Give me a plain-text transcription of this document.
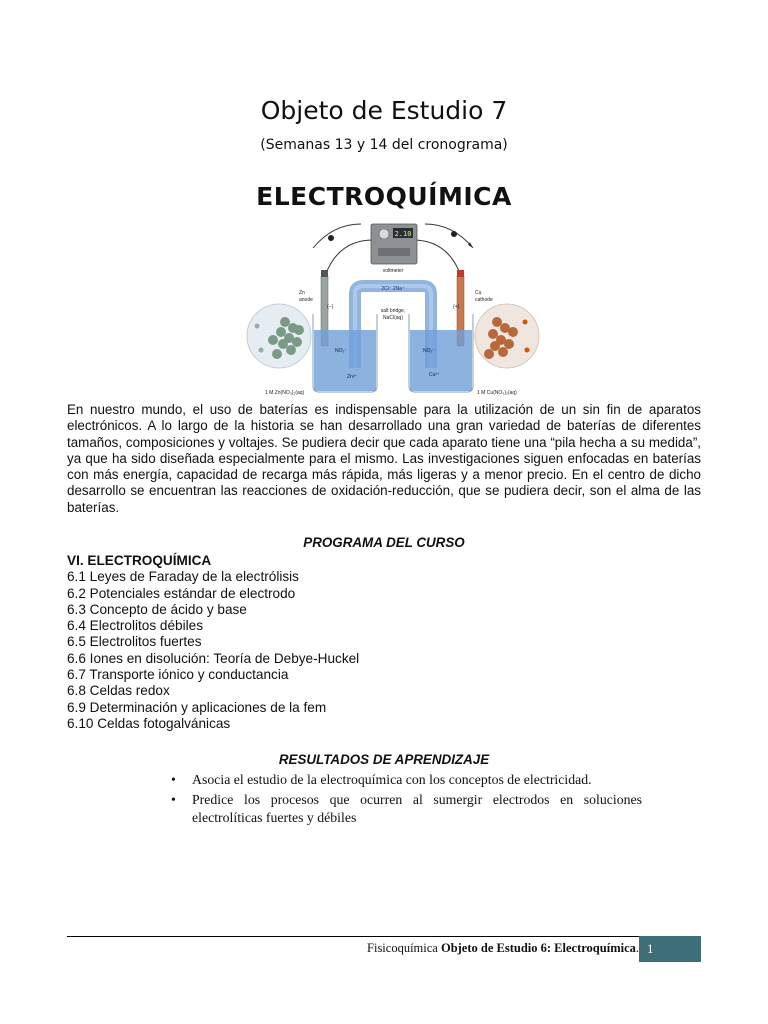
Objeto de Estudio 7
(Semanas 13 y 14 del cronograma)
ELECTROQUÍMICA
2.10
voltmeter
Zn
anode
(−)
Cu
cathode
(+)
2Cl⁻ 2Na⁺
salt bridge,
NaCl(aq)
NO₃⁻
Zn²⁺
NO₃⁻
Cu²⁺
1 M Zn(NO₃)₂(aq)	1 M Cu(NO₃)₂(aq)
En nuestro mundo, el uso de baterías es indispensable para la utilización de un sin fin de aparatos electrónicos. A lo largo de la historia se han desarrollado una gran variedad de baterías de diferentes tamaños, composiciones y voltajes. Se pudiera decir que cada aparato tiene una “pila hecha a su medida”, ya que ha sido diseñada especialmente para el mismo. Las investigaciones siguen enfocadas en baterías con más energía, capacidad de recarga más rápida, más ligeras y a menor precio. En el centro de dicho desarrollo se encuentran las reacciones de oxidación-reducción, que se pudiera decir, son el alma de las baterías.
PROGRAMA DEL CURSO
VI. ELECTROQUÍMICA
6.1 Leyes de Faraday de la electrólisis
6.2 Potenciales estándar de electrodo
6.3 Concepto de ácido y base
6.4 Electrolitos débiles
6.5 Electrolitos fuertes
6.6 Iones en disolución: Teoría de Debye-Huckel
6.7 Transporte iónico y conductancia
6.8 Celdas redox
6.9 Determinación y aplicaciones de la fem
6.10 Celdas fotogalvánicas
RESULTADOS DE APRENDIZAJE
• Asocia el estudio de la electroquímica con los conceptos de electricidad.
• Predice los procesos que ocurren al sumergir electrodos en soluciones electrolíticas fuertes y débiles
Fisicoquímica Objeto de Estudio 6: Electroquímica. 1
